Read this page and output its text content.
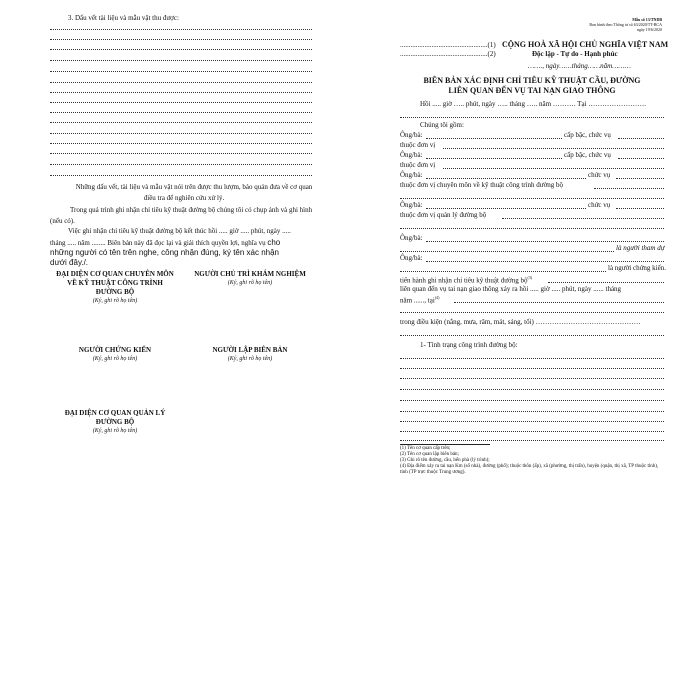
3. Dấu vết tài liệu và mẫu vật thu được:
Những dấu vết, tài liệu và mẫu vật nói trên được thu lượm, bảo quản đưa về cơ quan điều tra để nghiên cứu xử lý.
Trong quá trình ghi nhận chỉ tiêu kỹ thuật đường bộ chúng tôi có chụp ảnh và ghi hình (nếu có).
Việc ghi nhận chỉ tiêu kỹ thuật đường bộ kết thúc hồi ..... giờ ..... phút, ngày .....
tháng ..... năm ........ Biên bản này đã đọc lại và giải thích quyền lợi, nghĩa vụ cho
những người có tên trên nghe, công nhận đúng, ký tên xác nhận
dưới đây./.
ĐẠI DIỆN CƠ QUAN CHUYÊN MÔN VỀ KỸ THUẬT CÔNG TRÌNH ĐƯỜNG BỘ
(Ký, ghi rõ họ tên)
NGƯỜI CHỦ TRÌ KHÁM NGHIỆM
(Ký, ghi rõ họ tên)
NGƯỜI CHỨNG KIẾN
(Ký, ghi rõ họ tên)
NGƯỜI LẬP BIÊN BẢN
(Ký, ghi rõ họ tên)
ĐẠI DIỆN CƠ QUAN QUẢN LÝ ĐƯỜNG BỘ
(Ký, ghi rõ họ tên)
Mẫu số 13/TNDB
Ban hành theo Thông tư số 63/2020/TT-BCA
ngày 19/6/2020
..................................................(1)
..................................................(2)
CỘNG HOÀ XÃ HỘI CHỦ NGHĨA VIỆT NAM
Độc lập - Tự do - Hạnh phúc
……., ngày……tháng……năm………
BIÊN BẢN XÁC ĐỊNH CHỈ TIÊU KỸ THUẬT CẦU, ĐƯỜNG
LIÊN QUAN ĐẾN VỤ TAI NẠN GIAO THÔNG
Hồi ..... giờ ….. phút, ngày ….. tháng ….. năm ………. Tại …………………….
Chúng tôi gồm:
Ông/bà:	cấp bậc, chức vụ
thuộc đơn vị
Ông/bà:	cấp bậc, chức vụ
thuộc đơn vị
Ông/bà:	chức vụ
thuộc đơn vị chuyên môn về kỹ thuật công trình đường bộ
Ông/bà:	chức vụ
thuộc đơn vị quản lý đường bộ
Ông/bà:
là người tham dự
Ông/bà:
là người chứng kiến.
tiến hành ghi nhận chỉ tiêu kỹ thuật đường bộ$^{(3)}$
liên quan đến vụ tai nạn giao thông xảy ra hồi ..... giờ ..... phút, ngày ...... tháng
năm ......, tại$^{(4)}$
trong điều kiện (nắng, mưa, râm, mát, sáng, tối) ………………………………………
1- Tình trạng công trình đường bộ:
(1) Tên cơ quan cấp trên;
(2) Tên cơ quan lập biên bản;
(3) Ghi rõ tên đường, cầu, bến phà (lý trình);
(4) Địa điểm xảy ra tai nạn Km (số nhà), đường (phố); thuộc thôn (ấp), xã (phường, thị trấn), huyện (quận, thị xã, TP thuộc tỉnh), tỉnh (TP trực thuộc Trung ương).
